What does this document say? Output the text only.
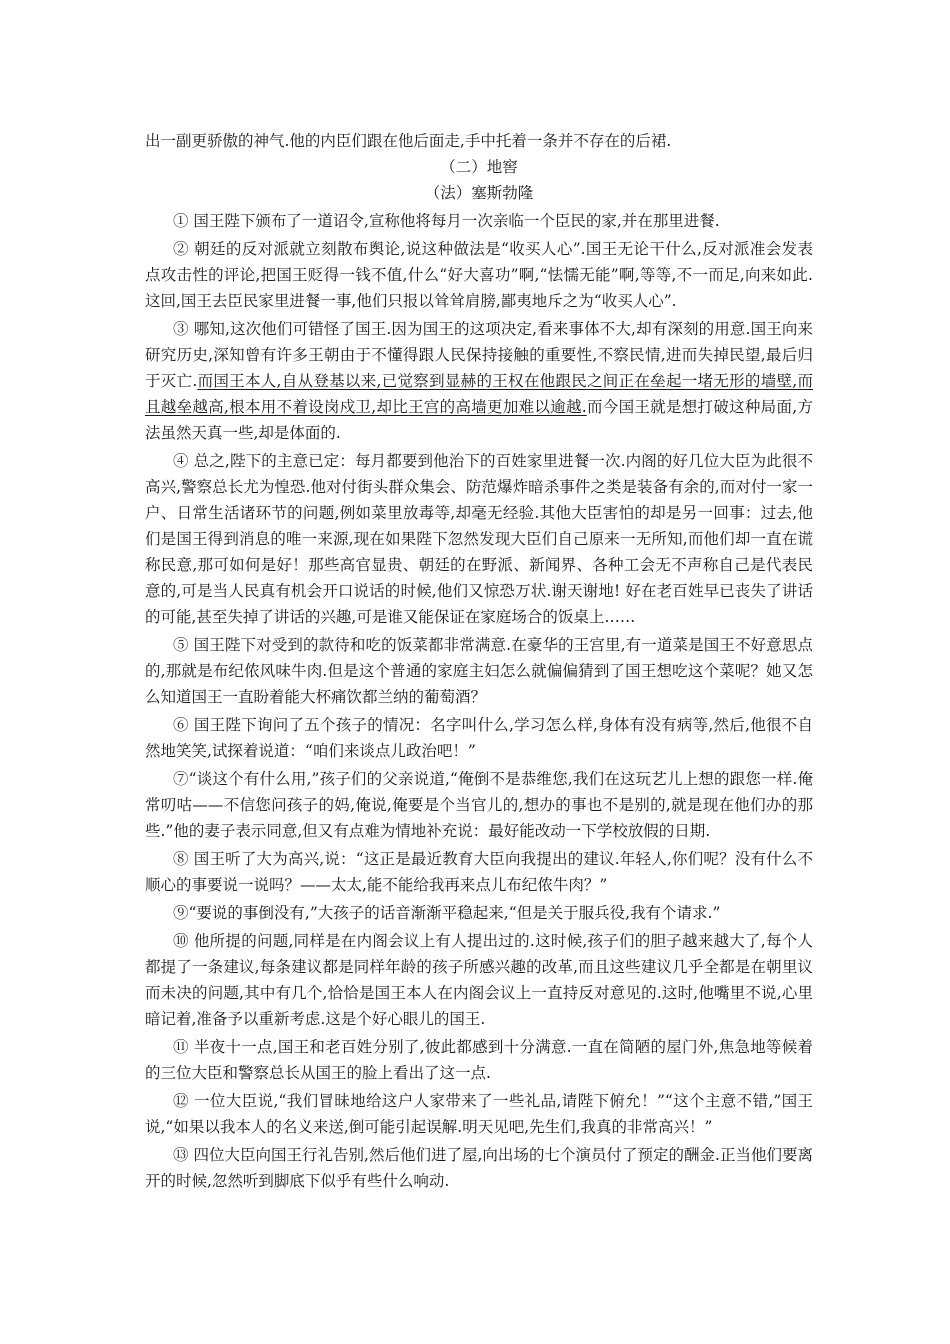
出一副更骄傲的神气.他的内臣们跟在他后面走,手中托着一条并不存在的后裙.
（二）地窖
（法）塞斯勃隆

① 国王陛下颁布了一道诏令,宣称他将每月一次亲临一个臣民的家,并在那里进餐.

② 朝廷的反对派就立刻散布舆论,说这种做法是“收买人心”.国王无论干什么,反对派准会发表点攻击性的评论,把国王贬得一钱不值,什么“好大喜功”啊,“怯懦无能”啊,等等,不一而足,向来如此.这回,国王去臣民家里进餐一事,他们只报以耸耸肩膀,鄙夷地斥之为“收买人心”.

③ 哪知,这次他们可错怪了国王.因为国王的这项决定,看来事体不大,却有深刻的用意.国王向来研究历史,深知曾有许多王朝由于不懂得跟人民保持接触的重要性,不察民情,进而失掉民望,最后归于灭亡.而国王本人,自从登基以来,已觉察到显赫的王权在他跟民之间正在垒起一堵无形的墙壁,而且越垒越高,根本用不着设岗戍卫,却比王宫的高墙更加难以逾越.而今国王就是想打破这种局面,方法虽然天真一些,却是体面的.

④ 总之,陛下的主意已定：每月都要到他治下的百姓家里进餐一次.内阁的好几位大臣为此很不高兴,警察总长尤为惶恐.他对付街头群众集会、防范爆炸暗杀事件之类是装备有余的,而对付一家一户、日常生活诸环节的问题,例如菜里放毒等,却毫无经验.其他大臣害怕的却是另一回事：过去,他们是国王得到消息的唯一来源,现在如果陛下忽然发现大臣们自己原来一无所知,而他们却一直在谎称民意,那可如何是好！那些高官显贵、朝廷的在野派、新闻界、各种工会无不声称自己是代表民意的,可是当人民真有机会开口说话的时候,他们又惊恐万状.谢天谢地! 好在老百姓早已丧失了讲话的可能,甚至失掉了讲话的兴趣,可是谁又能保证在家庭场合的饭桌上……

⑤ 国王陛下对受到的款待和吃的饭菜都非常满意.在豪华的王宫里,有一道菜是国王不好意思点的,那就是布纪侬风味牛肉.但是这个普通的家庭主妇怎么就偏偏猜到了国王想吃这个菜呢？她又怎么知道国王一直盼着能大杯痛饮都兰纳的葡萄酒？

⑥ 国王陛下询问了五个孩子的情况：名字叫什么,学习怎么样,身体有没有病等,然后,他很不自然地笑笑,试探着说道：“咱们来谈点儿政治吧！”

⑦“谈这个有什么用,”孩子们的父亲说道,“俺倒不是恭维您,我们在这玩艺儿上想的跟您一样.俺常叨咕——不信您问孩子的妈,俺说,俺要是个当官儿的,想办的事也不是别的,就是现在他们办的那些.”他的妻子表示同意,但又有点难为情地补充说：最好能改动一下学校放假的日期.

⑧ 国王听了大为高兴,说：“这正是最近教育大臣向我提出的建议.年轻人,你们呢？没有什么不顺心的事要说一说吗？——太太,能不能给我再来点儿布纪侬牛肉？”

⑨“要说的事倒没有,”大孩子的话音渐渐平稳起来,“但是关于服兵役,我有个请求.”

⑩ 他所提的问题,同样是在内阁会议上有人提出过的.这时候,孩子们的胆子越来越大了,每个人都提了一条建议,每条建议都是同样年龄的孩子所感兴趣的改革,而且这些建议几乎全都是在朝里议而未决的问题,其中有几个,恰恰是国王本人在内阁会议上一直持反对意见的.这时,他嘴里不说,心里暗记着,准备予以重新考虑.这是个好心眼儿的国王.

⑪ 半夜十一点,国王和老百姓分别了,彼此都感到十分满意.一直在简陋的屋门外,焦急地等候着的三位大臣和警察总长从国王的脸上看出了这一点.

⑫ 一位大臣说,“我们冒昧地给这户人家带来了一些礼品,请陛下俯允！”“这个主意不错,”国王说,“如果以我本人的名义来送,倒可能引起误解.明天见吧,先生们,我真的非常高兴！”

⑬ 四位大臣向国王行礼告别,然后他们进了屋,向出场的七个演员付了预定的酬金.正当他们要离开的时候,忽然听到脚底下似乎有些什么响动.
